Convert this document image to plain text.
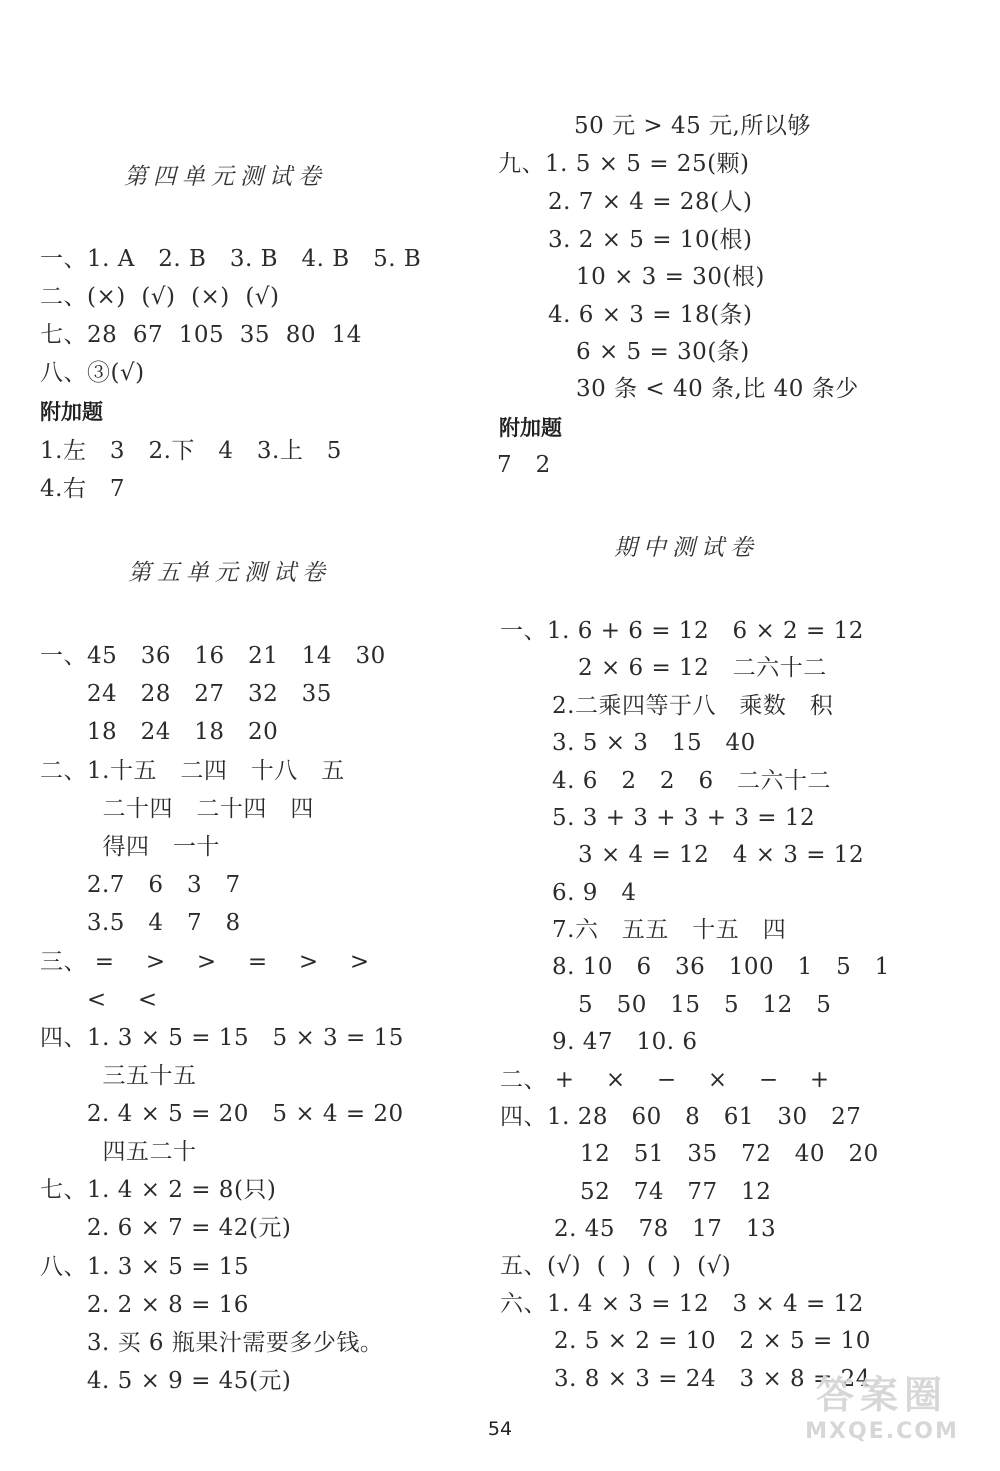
第四单元测试卷
一、1. A   2. B   3. B   4. B   5. B
二、(×)  (√)  (×)  (√)
七、28  67  105  35  80  14
八、③(√)
附加题
1.左   3   2.下   4   3.上   5
4.右   7
第五单元测试卷
一、45   36   16   21   14   30
24   28   27   32   35
18   24   18   20
二、1.十五   二四   十八   五
二十四   二十四   四
得四   一十
2.7   6   3   7
3.5   4   7   8
三、 =    >    >    =    >    >
<    <
四、1. 3 × 5 = 15   5 × 3 = 15
三五十五
2. 4 × 5 = 20   5 × 4 = 20
四五二十
七、1. 4 × 2 = 8(只)
2. 6 × 7 = 42(元)
八、1. 3 × 5 = 15
2. 2 × 8 = 16
3. 买 6 瓶果汁需要多少钱。
4. 5 × 9 = 45(元)
50 元 > 45 元,所以够
九、1. 5 × 5 = 25(颗)
2. 7 × 4 = 28(人)
3. 2 × 5 = 10(根)
10 × 3 = 30(根)
4. 6 × 3 = 18(条)
6 × 5 = 30(条)
30 条 < 40 条,比 40 条少
附加题
7   2
期中测试卷
一、1. 6 + 6 = 12   6 × 2 = 12
2 × 6 = 12   二六十二
2.二乘四等于八   乘数   积
3. 5 × 3   15   40
4. 6   2   2   6   二六十二
5. 3 + 3 + 3 + 3 = 12
3 × 4 = 12   4 × 3 = 12
6. 9   4
7.六   五五   十五   四
8. 10   6   36   100   1   5   1
5   50   15   5   12   5
9. 47   10. 6
二、 +    ×    −    ×    −    +
四、1. 28   60   8   61   30   27
12   51   35   72   40   20
52   74   77   12
2. 45   78   17   13
五、(√)  (  )  (  )  (√)
六、1. 4 × 3 = 12   3 × 4 = 12
2. 5 × 2 = 10   2 × 5 = 10
3. 8 × 3 = 24   3 × 8 = 24
54
答案圈
MXQE.COM
